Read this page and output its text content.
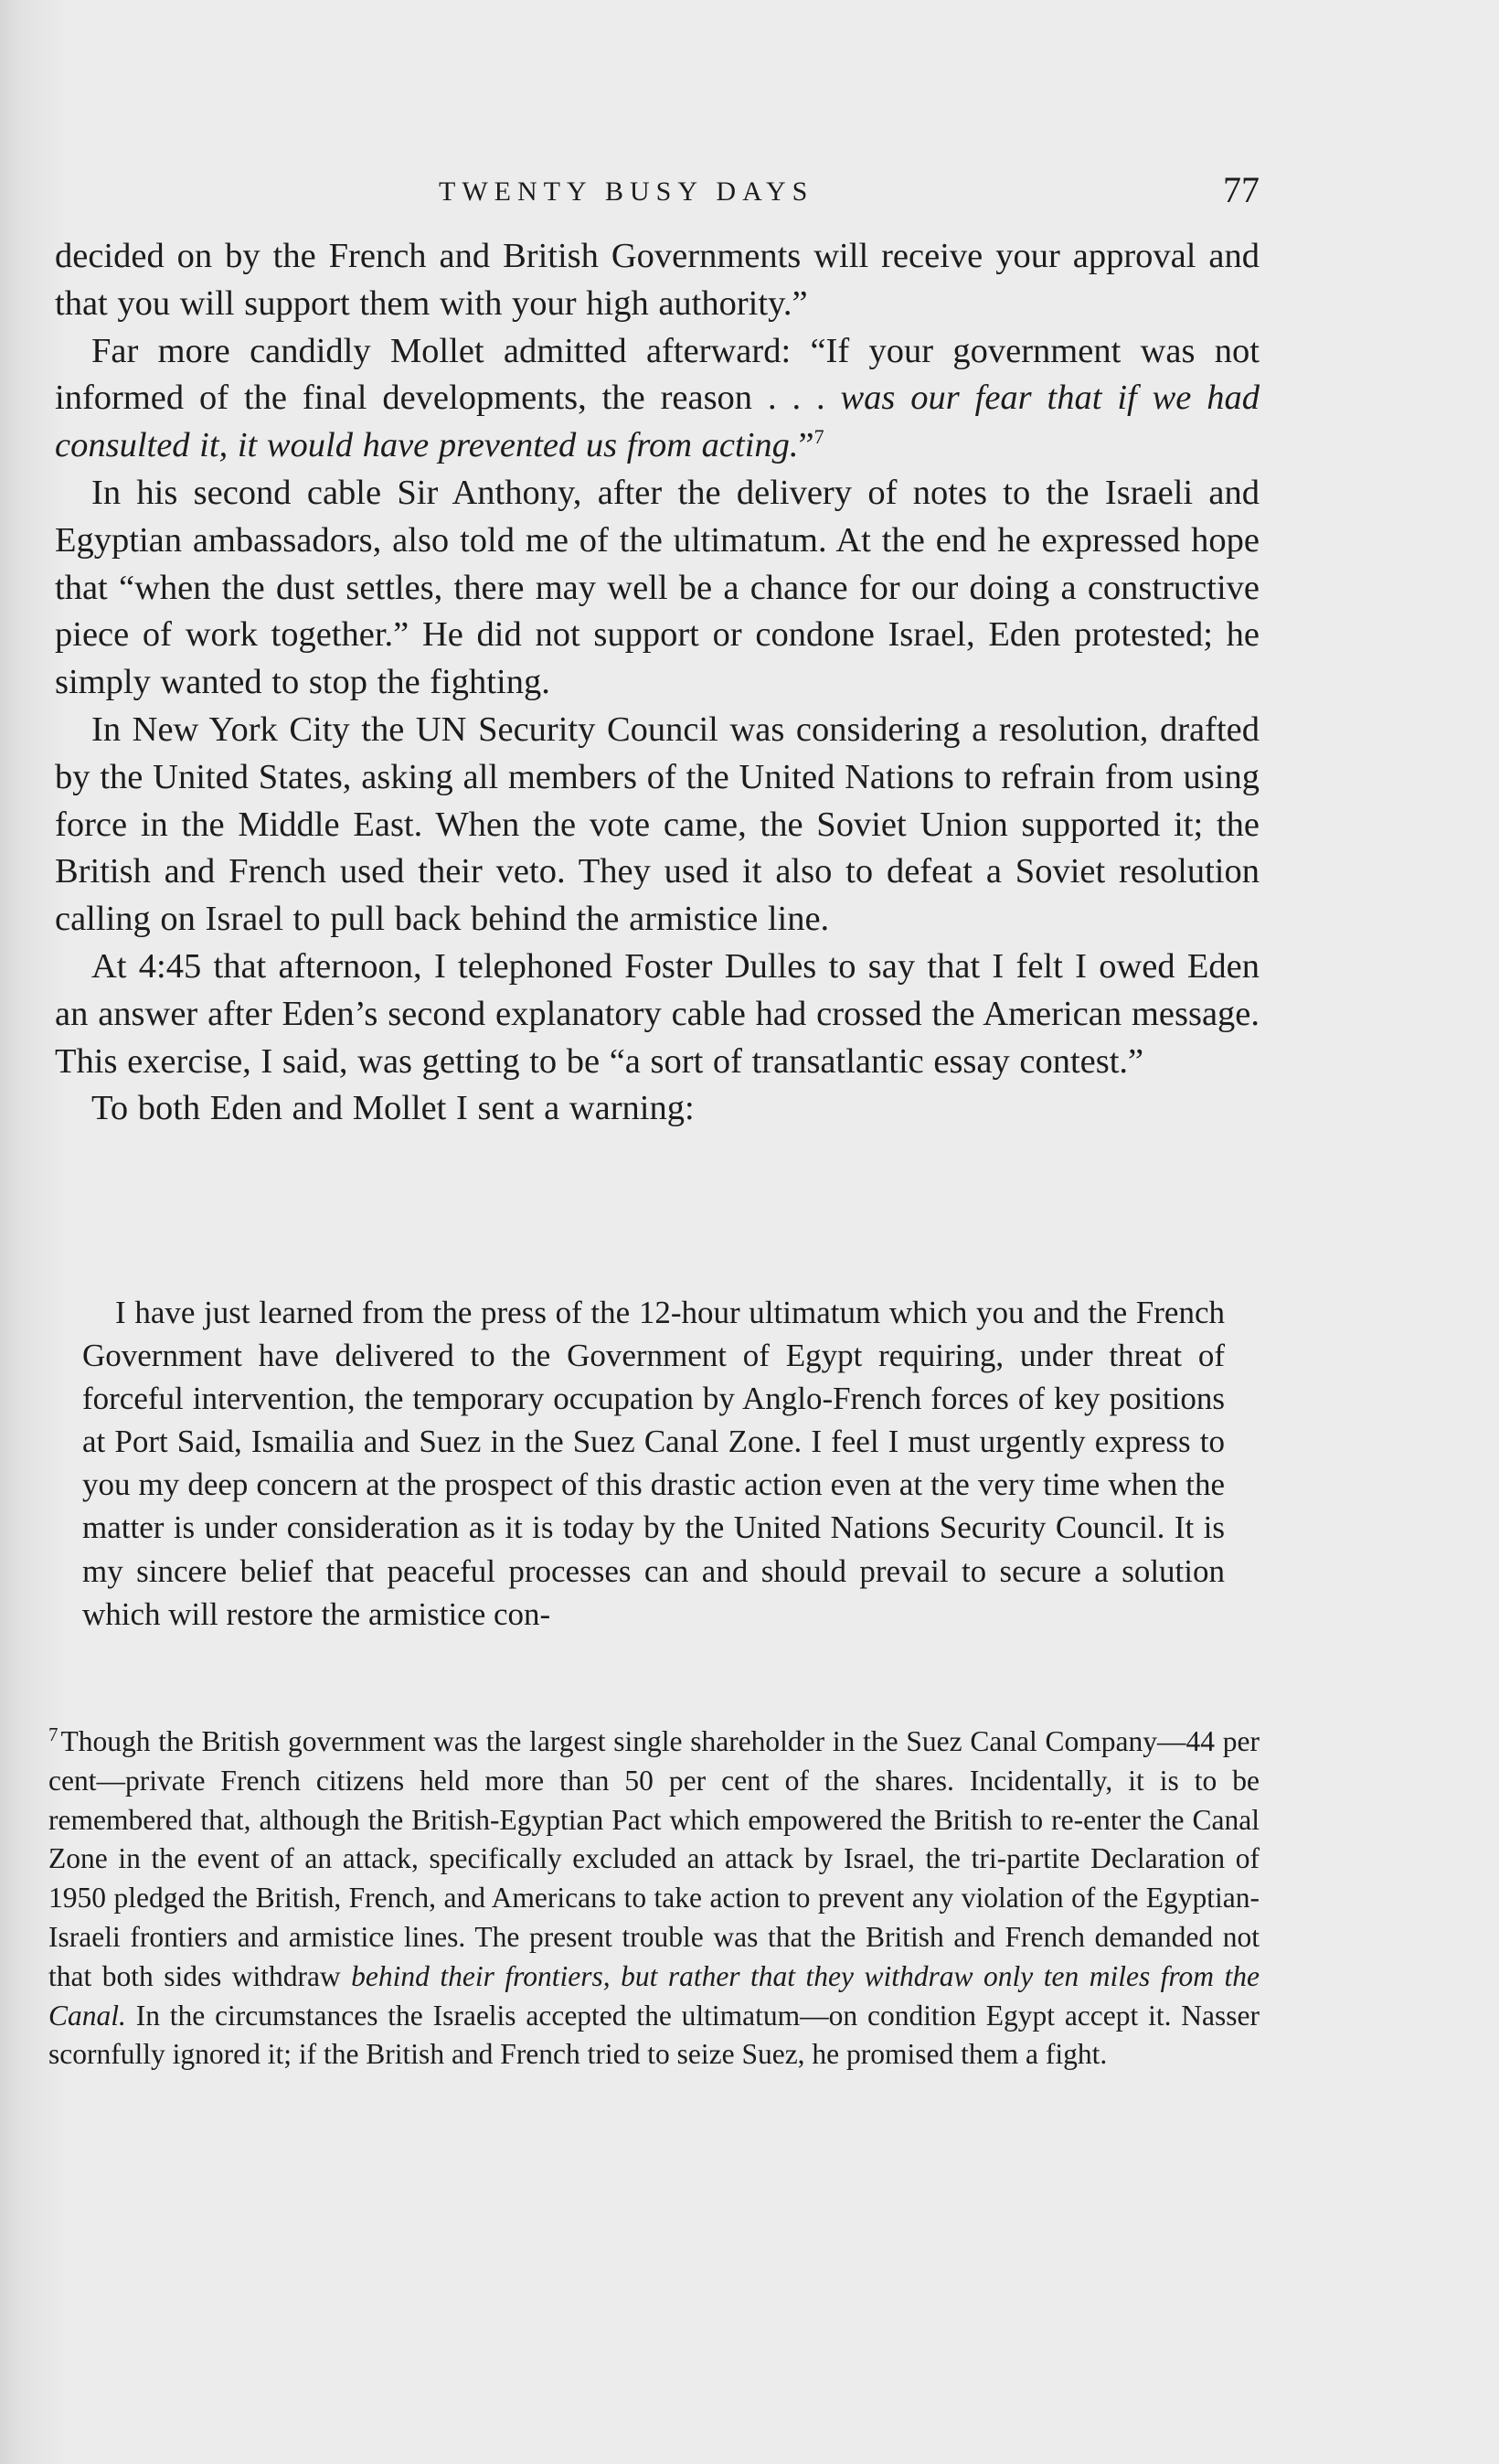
TWENTY BUSY DAYS	77

decided on by the French and British Governments will receive your approval and that you will support them with your high authority.”

Far more candidly Mollet admitted afterward: “If your government was not informed of the final developments, the reason . . . was our fear that if we had consulted it, it would have prevented us from acting.”$^7$

In his second cable Sir Anthony, after the delivery of notes to the Israeli and Egyptian ambassadors, also told me of the ultimatum. At the end he expressed hope that “when the dust settles, there may well be a chance for our doing a constructive piece of work together.” He did not support or condone Israel, Eden protested; he simply wanted to stop the fighting.

In New York City the UN Security Council was considering a resolution, drafted by the United States, asking all members of the United Nations to refrain from using force in the Middle East. When the vote came, the Soviet Union supported it; the British and French used their veto. They used it also to defeat a Soviet resolution calling on Israel to pull back behind the armistice line.

At 4:45 that afternoon, I telephoned Foster Dulles to say that I felt I owed Eden an answer after Eden’s second explanatory cable had crossed the American message. This exercise, I said, was getting to be “a sort of transatlantic essay contest.”

To both Eden and Mollet I sent a warning:

I have just learned from the press of the 12-hour ultimatum which you and the French Government have delivered to the Government of Egypt requiring, under threat of forceful intervention, the temporary occupation by Anglo-French forces of key positions at Port Said, Ismailia and Suez in the Suez Canal Zone. I feel I must urgently express to you my deep concern at the prospect of this drastic action even at the very time when the matter is under consideration as it is today by the United Nations Security Council. It is my sincere belief that peaceful processes can and should prevail to secure a solution which will restore the armistice con-

$^7$Though the British government was the largest single shareholder in the Suez Canal Company—44 per cent—private French citizens held more than 50 per cent of the shares. Incidentally, it is to be remembered that, although the British-Egyptian Pact which empowered the British to re-enter the Canal Zone in the event of an attack, specifically excluded an attack by Israel, the tri-partite Declaration of 1950 pledged the British, French, and Americans to take action to prevent any violation of the Egyptian-Israeli frontiers and armistice lines. The present trouble was that the British and French demanded not that both sides withdraw behind their frontiers, but rather that they withdraw only ten miles from the Canal. In the circumstances the Israelis accepted the ultimatum—on condition Egypt accept it. Nasser scornfully ignored it; if the British and French tried to seize Suez, he promised them a fight.
